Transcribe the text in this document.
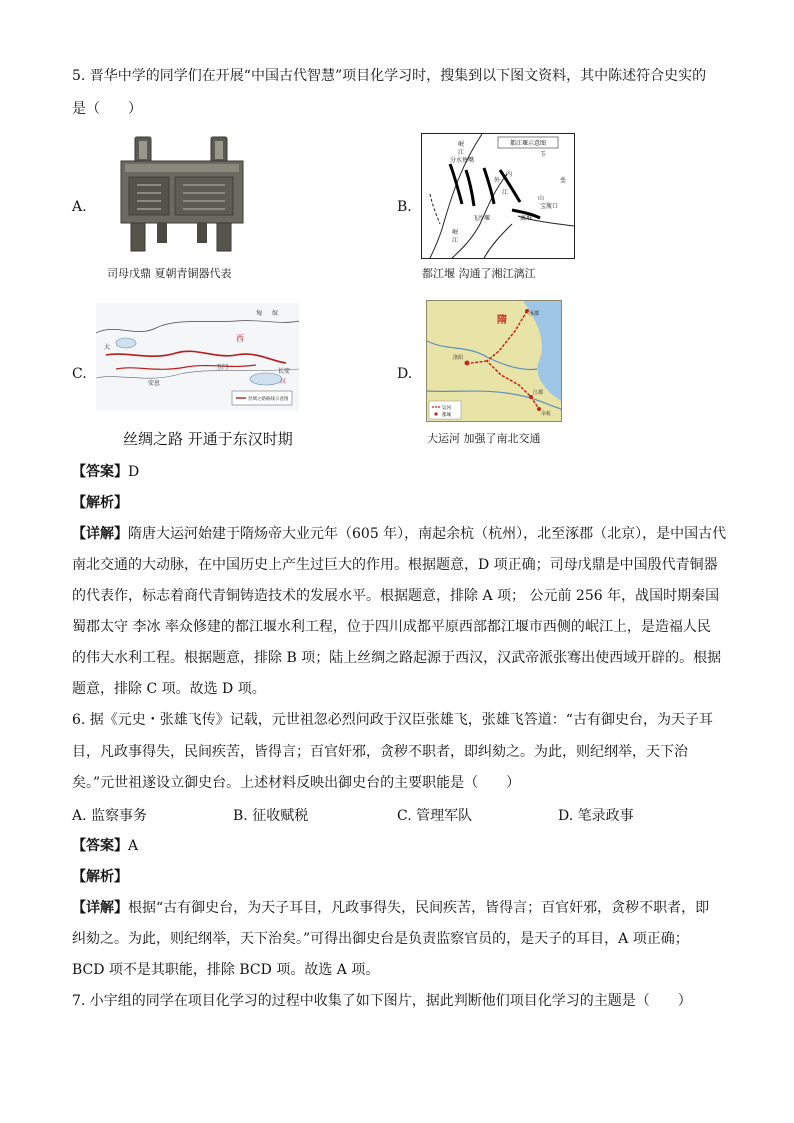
5. 晋华中学的同学们在开展“中国古代智慧”项目化学习时，搜集到以下图文资料，其中陈述符合史实的
是（　　）
A.
司母戊鼎 夏朝青铜器代表
B.
都江堰示意图
岷
江
分水鱼嘴
玉
外
内
江
垒
飞沙堰
山
宝瓶口
离堆
岷
江
都江堰 沟通了湘江漓江
C.
大
安息
西
匈 奴
汉
长安
玉门
丝绸之路路线示意图
丝绸之路 开通于东汉时期
D.
隋
涿郡
洛阳
江都
余杭
运河
都城
大运河 加强了南北交通
【答案】D
【解析】
【详解】隋唐大运河始建于隋炀帝大业元年（605 年），南起余杭（杭州），北至涿郡（北京），是中国古代
南北交通的大动脉，在中国历史上产生过巨大的作用。根据题意，D 项正确；司母戊鼎是中国殷代青铜器
的代表作，标志着商代青铜铸造技术的发展水平。根据题意，排除 A 项； 公元前 256 年，战国时期秦国
蜀郡太守 李冰 率众修建的都江堰水利工程，位于四川成都平原西部都江堰市西侧的岷江上，是造福人民
的伟大水利工程。根据题意，排除 B 项；陆上丝绸之路起源于西汉，汉武帝派张骞出使西域开辟的。根据
题意，排除 C 项。故选 D 项。
6. 据《元史・张雄飞传》记载，元世祖忽必烈问政于汉臣张雄飞，张雄飞答道：“古有御史台，为天子耳
目，凡政事得失，民间疾苦，皆得言；百官奸邪，贪秽不职者，即纠劾之。为此，则纪纲举，天下治
矣。”元世祖遂设立御史台。上述材料反映出御史台的主要职能是（　　）
A. 监察事务	B. 征收赋税	C. 管理军队	D. 笔录政事
【答案】A
【解析】
【详解】根据“古有御史台，为天子耳目，凡政事得失，民间疾苦，皆得言；百官奸邪，贪秽不职者，即
纠劾之。为此，则纪纲举，天下治矣。”可得出御史台是负责监察官员的，是天子的耳目，A 项正确；
BCD 项不是其职能，排除 BCD 项。故选 A 项。
7. 小宇组的同学在项目化学习的过程中收集了如下图片，据此判断他们项目化学习的主题是（　　）
